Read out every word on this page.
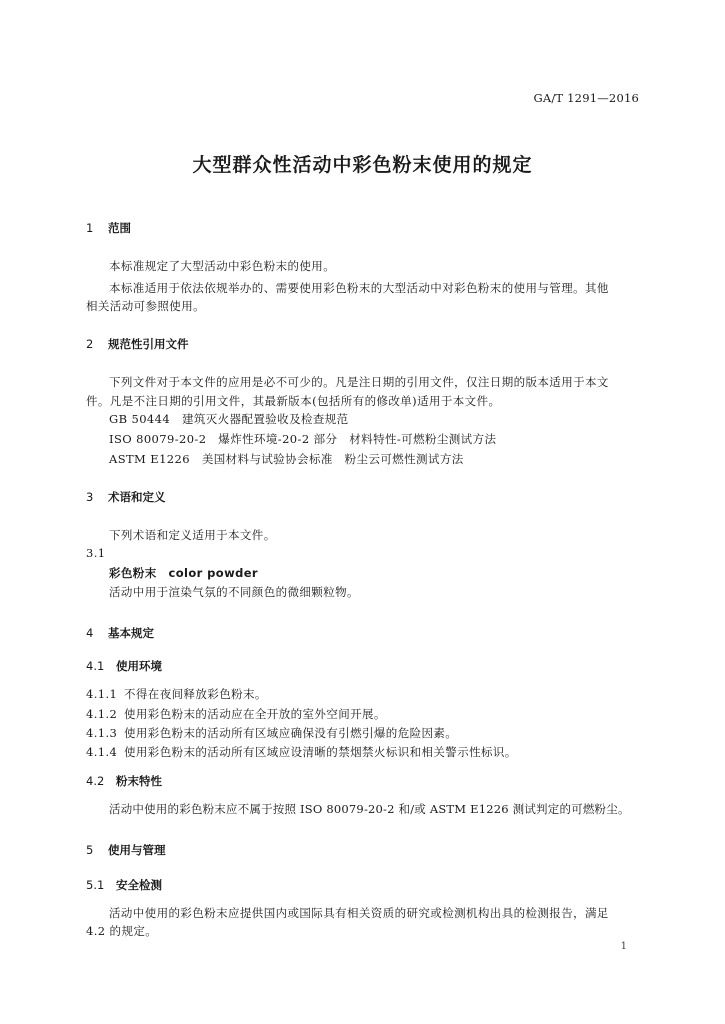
GA/T 1291—2016
大型群众性活动中彩色粉末使用的规定
1 范围
本标准规定了大型活动中彩色粉末的使用。
本标准适用于依法依规举办的、需要使用彩色粉末的大型活动中对彩色粉末的使用与管理。其他
相关活动可参照使用。
2 规范性引用文件
下列文件对于本文件的应用是必不可少的。凡是注日期的引用文件，仅注日期的版本适用于本文
件。凡是不注日期的引用文件，其最新版本(包括所有的修改单)适用于本文件。
GB 50444　建筑灭火器配置验收及检查规范
ISO 80079-20-2　爆炸性环境-20-2 部分　材料特性-可燃粉尘测试方法
ASTM E1226　美国材料与试验协会标准　粉尘云可燃性测试方法
3 术语和定义
下列术语和定义适用于本文件。
3.1
彩色粉末　color powder
活动中用于渲染气氛的不同颜色的微细颗粒物。
4 基本规定
4.1 使用环境
4.1.1 不得在夜间释放彩色粉末。
4.1.2 使用彩色粉末的活动应在全开放的室外空间开展。
4.1.3 使用彩色粉末的活动所有区域应确保没有引燃引爆的危险因素。
4.1.4 使用彩色粉末的活动所有区域应设清晰的禁烟禁火标识和相关警示性标识。
4.2 粉末特性
活动中使用的彩色粉末应不属于按照 ISO 80079-20-2 和/或 ASTM E1226 测试判定的可燃粉尘。
5 使用与管理
5.1 安全检测
活动中使用的彩色粉末应提供国内或国际具有相关资质的研究或检测机构出具的检测报告，满足
4.2 的规定。
1
